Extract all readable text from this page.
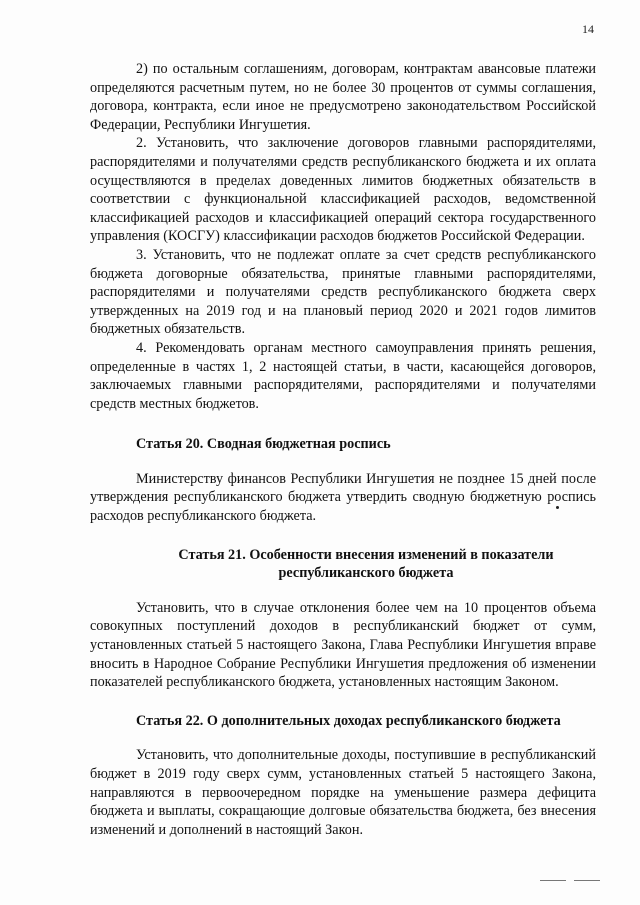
14

2) по остальным соглашениям, договорам, контрактам авансовые платежи определяются расчетным путем, но не более 30 процентов от суммы соглашения, договора, контракта, если иное не предусмотрено законодательством Российской Федерации, Республики Ингушетия.

2. Установить, что заключение договоров главными распорядителями, распорядителями и получателями средств республиканского бюджета и их оплата осуществляются в пределах доведенных лимитов бюджетных обязательств в соответствии с функциональной классификацией расходов, ведомственной классификацией расходов и классификацией операций сектора государственного управления (КОСГУ) классификации расходов бюджетов Российской Федерации.

3. Установить, что не подлежат оплате за счет средств республиканского бюджета договорные обязательства, принятые главными распорядителями, распорядителями и получателями средств республиканского бюджета сверх утвержденных на 2019 год и на плановый период 2020 и 2021 годов лимитов бюджетных обязательств.

4. Рекомендовать органам местного самоуправления принять решения, определенные в частях 1, 2 настоящей статьи, в части, касающейся договоров, заключаемых главными распорядителями, распорядителями и получателями средств местных бюджетов.

Статья 20. Сводная бюджетная роспись

Министерству финансов Республики Ингушетия не позднее 15 дней после утверждения республиканского бюджета утвердить сводную бюджетную роспись расходов республиканского бюджета.

Статья 21. Особенности внесения изменений в показатели республиканского бюджета

Установить, что в случае отклонения более чем на 10 процентов объема совокупных поступлений доходов в республиканский бюджет от сумм, установленных статьей 5 настоящего Закона, Глава Республики Ингушетия вправе вносить в Народное Собрание Республики Ингушетия предложения об изменении показателей республиканского бюджета, установленных настоящим Законом.

Статья 22. О дополнительных доходах республиканского бюджета

Установить, что дополнительные доходы, поступившие в республиканский бюджет в 2019 году сверх сумм, установленных статьей 5 настоящего Закона, направляются в первоочередном порядке на уменьшение размера дефицита бюджета и выплаты, сокращающие долговые обязательства бюджета, без внесения изменений и дополнений в настоящий Закон.
